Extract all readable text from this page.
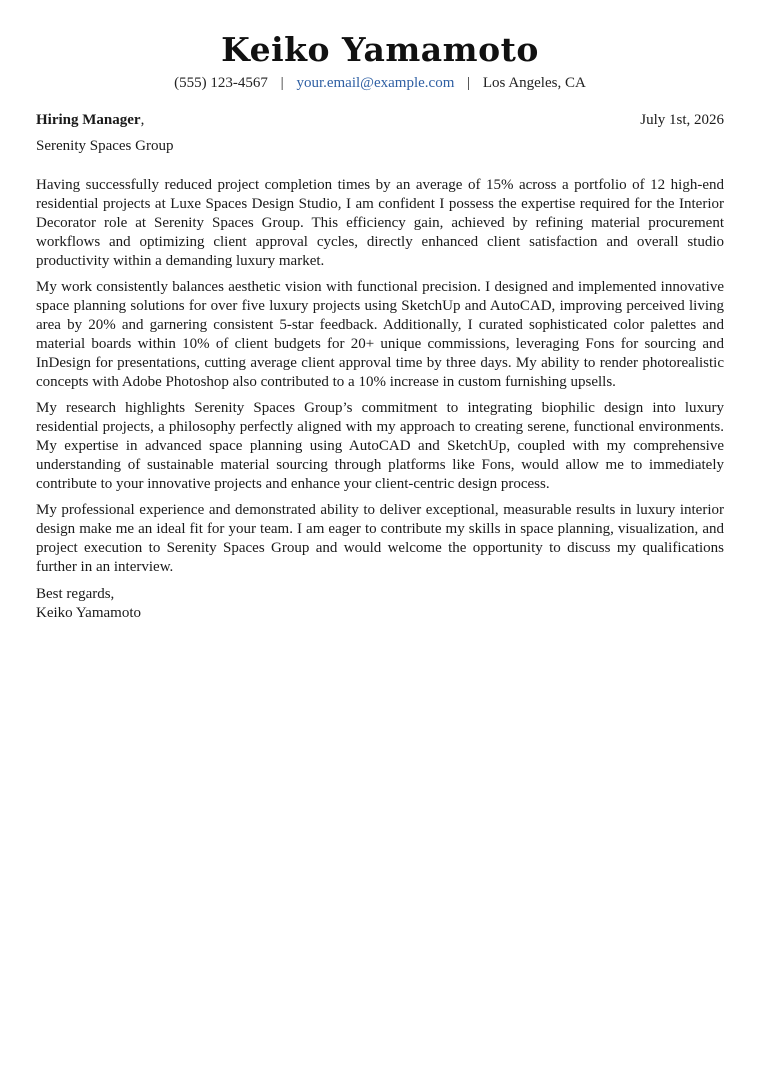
Keiko Yamamoto
(555) 123-4567 | your.email@example.com | Los Angeles, CA
Hiring Manager,	July 1st, 2026
Serenity Spaces Group

Having successfully reduced project completion times by an average of 15% across a portfolio of 12 high-end residential projects at Luxe Spaces Design Studio, I am confident I possess the expertise required for the Interior Decorator role at Serenity Spaces Group. This efficiency gain, achieved by refining material procurement workflows and optimizing client approval cycles, directly enhanced client satisfaction and overall studio productivity within a demanding luxury market.

My work consistently balances aesthetic vision with functional precision. I designed and implemented innovative space planning solutions for over five luxury projects using SketchUp and AutoCAD, improving perceived living area by 20% and garnering consistent 5-star feedback. Additionally, I curated sophisticated color palettes and material boards within 10% of client budgets for 20+ unique commissions, leveraging Fons for sourcing and InDesign for presentations, cutting average client approval time by three days. My ability to render photorealistic concepts with Adobe Photoshop also contributed to a 10% increase in custom furnishing upsells.

My research highlights Serenity Spaces Group’s commitment to integrating biophilic design into luxury residential projects, a philosophy perfectly aligned with my approach to creating serene, functional environments. My expertise in advanced space planning using AutoCAD and SketchUp, coupled with my comprehensive understanding of sustainable material sourcing through platforms like Fons, would allow me to immediately contribute to your innovative projects and enhance your client-centric design process.

My professional experience and demonstrated ability to deliver exceptional, measurable results in luxury interior design make me an ideal fit for your team. I am eager to contribute my skills in space planning, visualization, and project execution to Serenity Spaces Group and would welcome the opportunity to discuss my qualifications further in an interview.

Best regards,
Keiko Yamamoto
